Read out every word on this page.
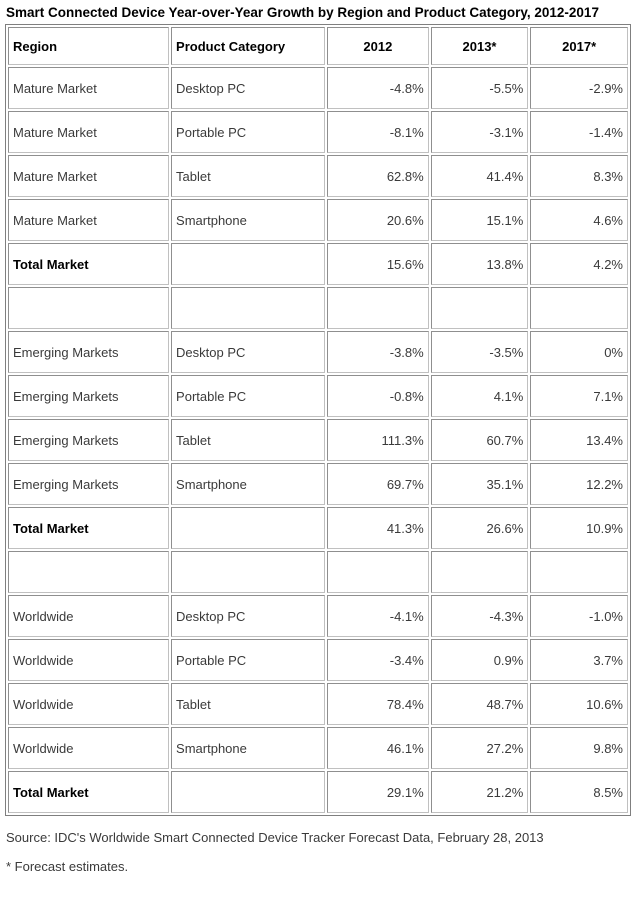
Smart Connected Device Year-over-Year Growth by Region and Product Category, 2012-2017
Region	Product Category	2012	2013*	2017*
Mature Market	Desktop PC	-4.8%	-5.5%	-2.9%
Mature Market	Portable PC	-8.1%	-3.1%	-1.4%
Mature Market	Tablet	62.8%	41.4%	8.3%
Mature Market	Smartphone	20.6%	15.1%	4.6%
Total Market		15.6%	13.8%	4.2%

Emerging Markets	Desktop PC	-3.8%	-3.5%	0%
Emerging Markets	Portable PC	-0.8%	4.1%	7.1%
Emerging Markets	Tablet	111.3%	60.7%	13.4%
Emerging Markets	Smartphone	69.7%	35.1%	12.2%
Total Market		41.3%	26.6%	10.9%

Worldwide	Desktop PC	-4.1%	-4.3%	-1.0%
Worldwide	Portable PC	-3.4%	0.9%	3.7%
Worldwide	Tablet	78.4%	48.7%	10.6%
Worldwide	Smartphone	46.1%	27.2%	9.8%
Total Market		29.1%	21.2%	8.5%
Source: IDC's Worldwide Smart Connected Device Tracker Forecast Data, February 28, 2013
* Forecast estimates.
